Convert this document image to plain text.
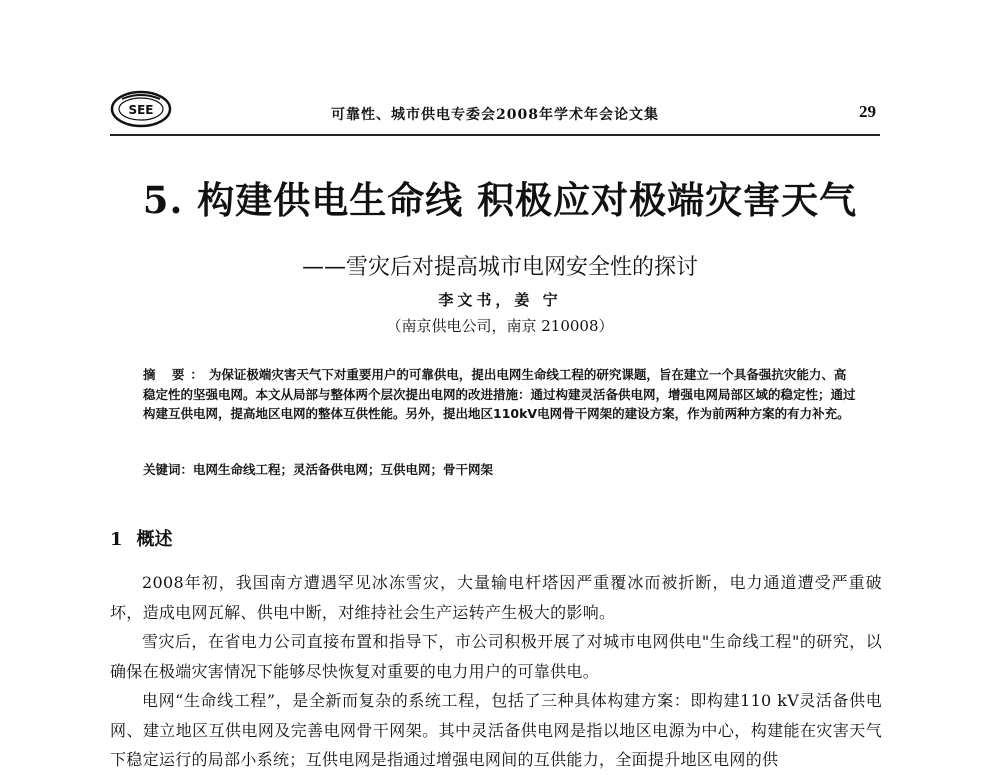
SEE	可靠性、城市供电专委会2008年学术年会论文集	29
5. 构建供电生命线 积极应对极端灾害天气
——雪灾后对提高城市电网安全性的探讨
李文书，姜 宁
（南京供电公司，南京 210008）
摘 要：为保证极端灾害天气下对重要用户的可靠供电，提出电网生命线工程的研究课题，旨在建立一个具备强抗灾能力、高稳定性的坚强电网。本文从局部与整体两个层次提出电网的改进措施：通过构建灵活备供电网，增强电网局部区域的稳定性；通过构建互供电网，提高地区电网的整体互供性能。另外，提出地区110kV电网骨干网架的建设方案，作为前两种方案的有力补充。
关键词：电网生命线工程；灵活备供电网；互供电网；骨干网架
1 概述

2008年初，我国南方遭遇罕见冰冻雪灾，大量输电杆塔因严重覆冰而被折断，电力通道遭受严重破坏，造成电网瓦解、供电中断，对维持社会生产运转产生极大的影响。

雪灾后，在省电力公司直接布置和指导下，市公司积极开展了对城市电网供电"生命线工程"的研究，以确保在极端灾害情况下能够尽快恢复对重要的电力用户的可靠供电。

电网“生命线工程”，是全新而复杂的系统工程，包括了三种具体构建方案：即构建110 kV灵活备供电网、建立地区互供电网及完善电网骨干网架。其中灵活备供电网是指以地区电源为中心，构建能在灾害天气下稳定运行的局部小系统；互供电网是指通过增强电网间的互供能力，全面提升地区电网的供
